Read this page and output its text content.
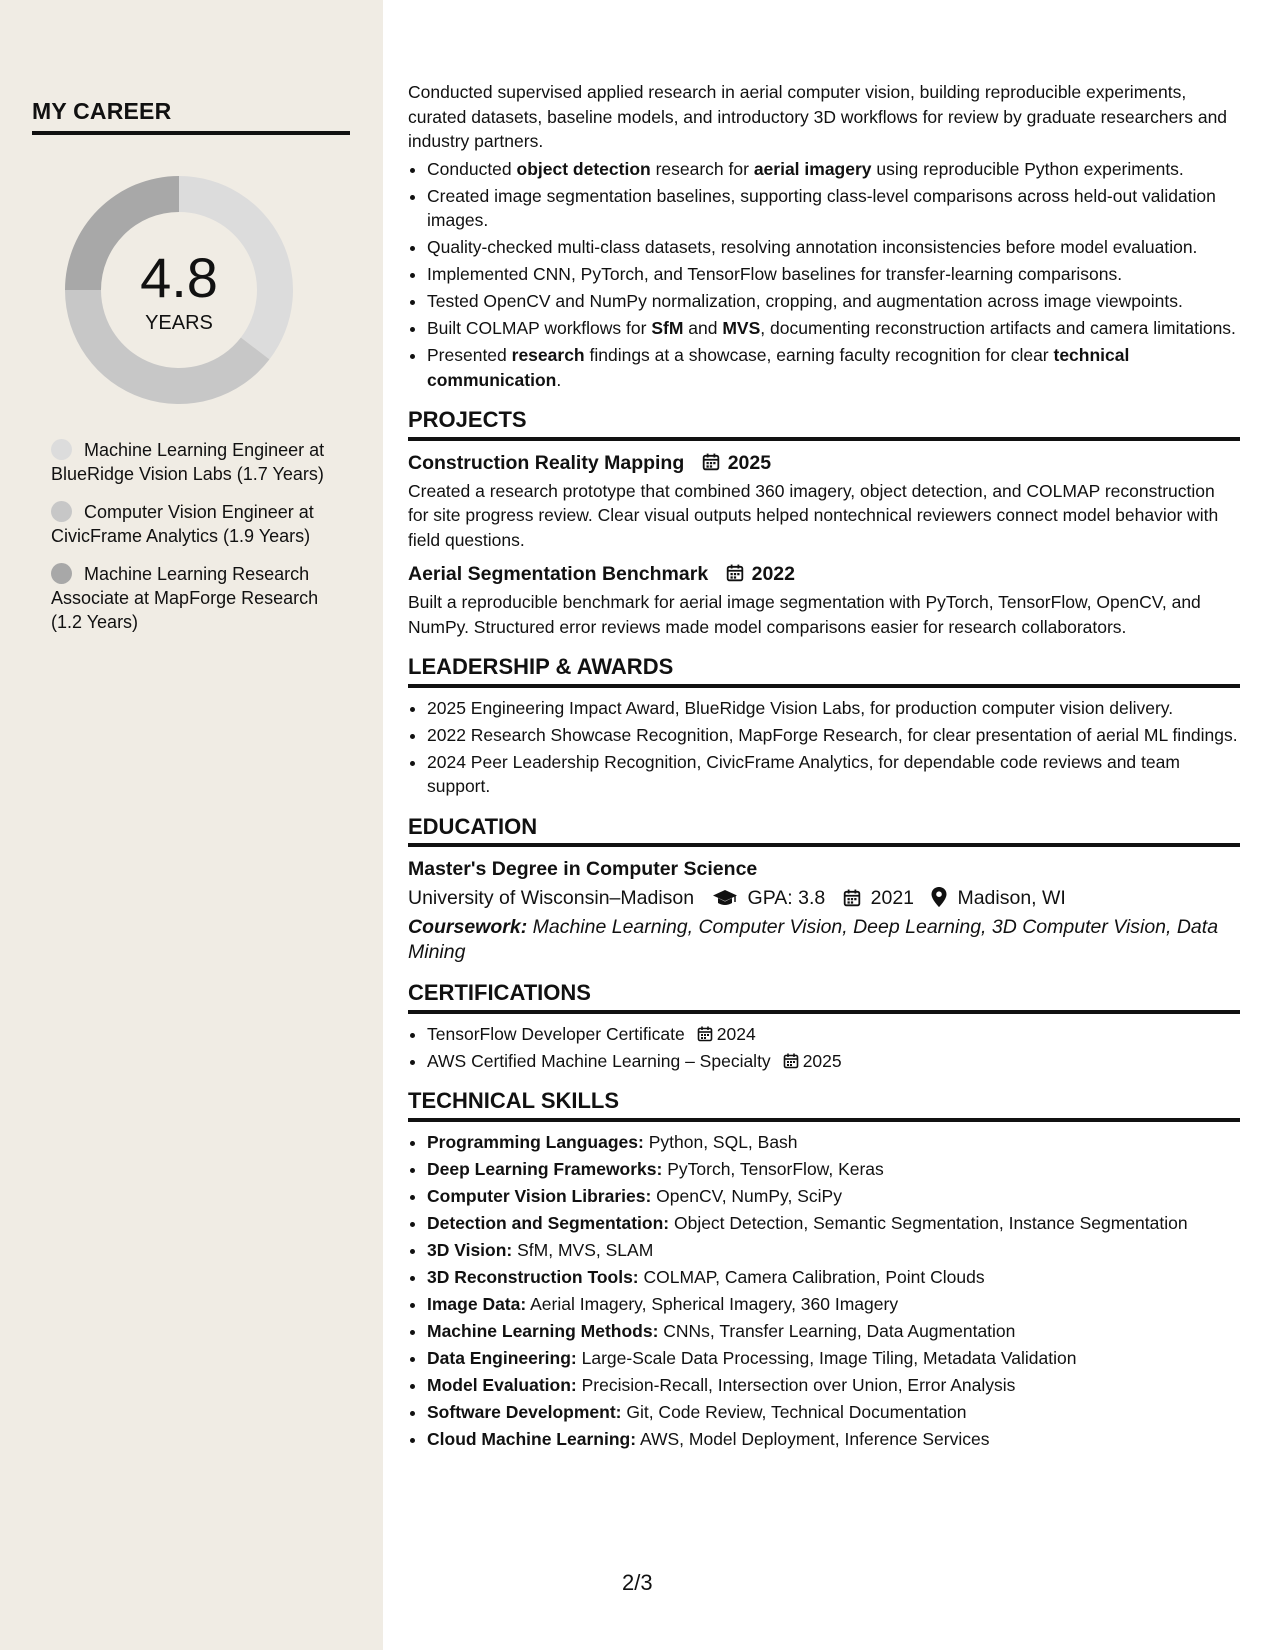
MY CAREER
4.8
YEARS
Machine Learning Engineer at BlueRidge Vision Labs (1.7 Years)
Computer Vision Engineer at CivicFrame Analytics (1.9 Years)
Machine Learning Research Associate at MapForge Research (1.2 Years)

Conducted supervised applied research in aerial computer vision, building reproducible experiments, curated datasets, baseline models, and introductory 3D workflows for review by graduate researchers and industry partners.

• Conducted object detection research for aerial imagery using reproducible Python experiments.
• Created image segmentation baselines, supporting class-level comparisons across held-out validation images.
• Quality-checked multi-class datasets, resolving annotation inconsistencies before model evaluation.
• Implemented CNN, PyTorch, and TensorFlow baselines for transfer-learning comparisons.
• Tested OpenCV and NumPy normalization, cropping, and augmentation across image viewpoints.
• Built COLMAP workflows for SfM and MVS, documenting reconstruction artifacts and camera limitations.
• Presented research findings at a showcase, earning faculty recognition for clear technical communication.
PROJECTS
Construction Reality Mapping 2025
Created a research prototype that combined 360 imagery, object detection, and COLMAP reconstruction for site progress review. Clear visual outputs helped nontechnical reviewers connect model behavior with field questions.
Aerial Segmentation Benchmark 2022
Built a reproducible benchmark for aerial image segmentation with PyTorch, TensorFlow, OpenCV, and NumPy. Structured error reviews made model comparisons easier for research collaborators.
LEADERSHIP & AWARDS
• 2025 Engineering Impact Award, BlueRidge Vision Labs, for production computer vision delivery.
• 2022 Research Showcase Recognition, MapForge Research, for clear presentation of aerial ML findings.
• 2024 Peer Leadership Recognition, CivicFrame Analytics, for dependable code reviews and team support.
EDUCATION
Master's Degree in Computer Science
University of Wisconsin–Madison	GPA: 3.8 2021 Madison, WI
Coursework: Machine Learning, Computer Vision, Deep Learning, 3D Computer Vision, Data Mining
CERTIFICATIONS
• TensorFlow Developer Certificate 2024
• AWS Certified Machine Learning – Specialty 2025
TECHNICAL SKILLS
• Programming Languages: Python, SQL, Bash
• Deep Learning Frameworks: PyTorch, TensorFlow, Keras
• Computer Vision Libraries: OpenCV, NumPy, SciPy
• Detection and Segmentation: Object Detection, Semantic Segmentation, Instance Segmentation
• 3D Vision: SfM, MVS, SLAM
• 3D Reconstruction Tools: COLMAP, Camera Calibration, Point Clouds
• Image Data: Aerial Imagery, Spherical Imagery, 360 Imagery
• Machine Learning Methods: CNNs, Transfer Learning, Data Augmentation
• Data Engineering: Large-Scale Data Processing, Image Tiling, Metadata Validation
• Model Evaluation: Precision-Recall, Intersection over Union, Error Analysis
• Software Development: Git, Code Review, Technical Documentation
• Cloud Machine Learning: AWS, Model Deployment, Inference Services
2/3
